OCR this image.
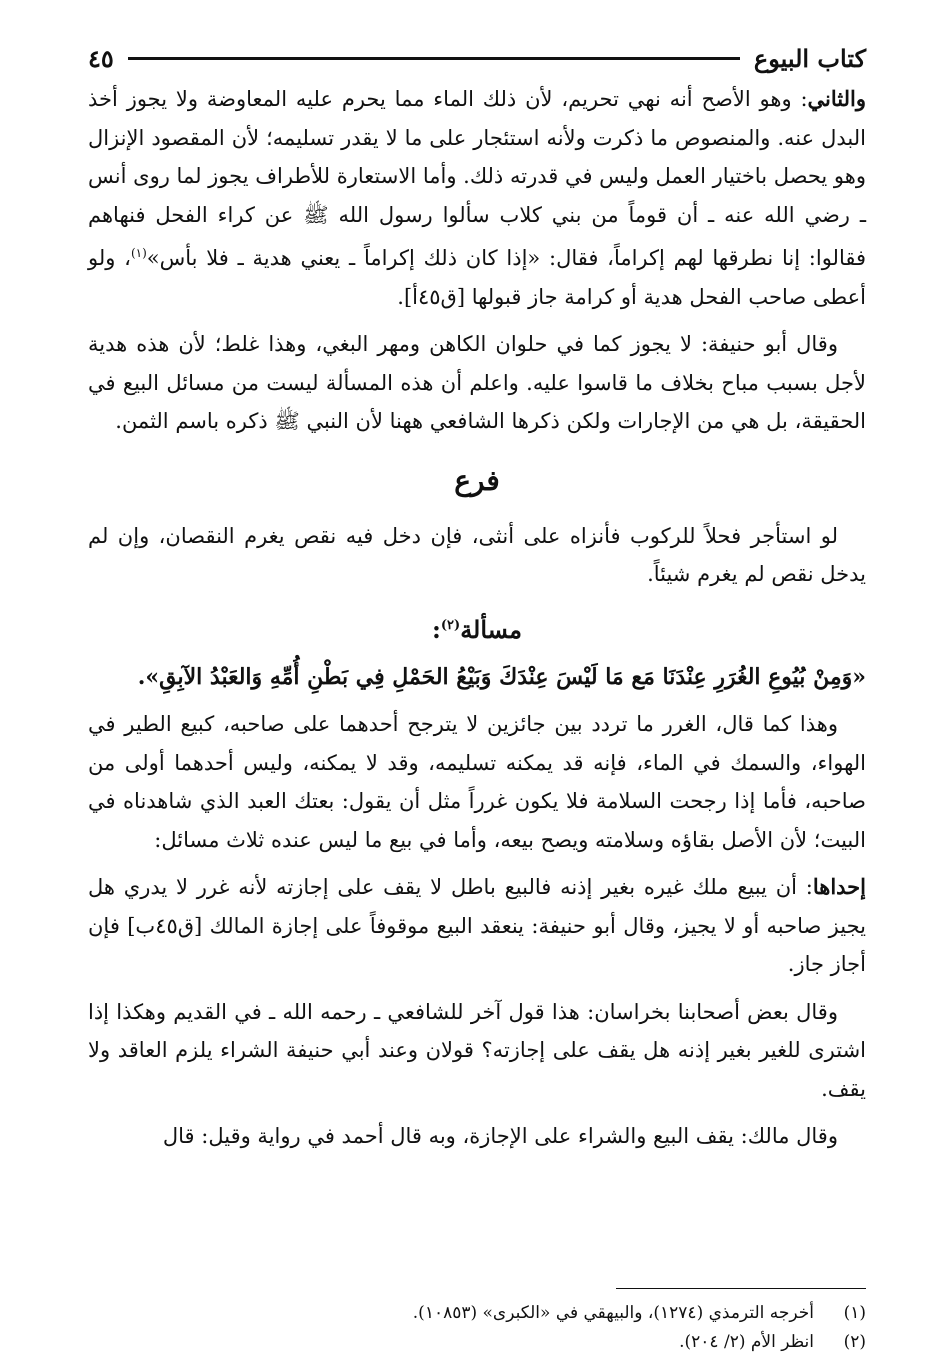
كتاب البيوع
٤٥

والثاني: وهو الأصح أنه نهي تحريم، لأن ذلك الماء مما يحرم عليه المعاوضة ولا يجوز أخذ البدل عنه. والمنصوص ما ذكرت ولأنه استئجار على ما لا يقدر تسليمه؛ لأن المقصود الإنزال وهو يحصل باختيار العمل وليس في قدرته ذلك. وأما الاستعارة للأطراف يجوز لما روى أنس ـ رضي الله عنه ـ أن قوماً من بني كلاب سألوا رسول الله ﷺ عن كراء الفحل فنهاهم فقالوا: إنا نطرقها لهم إكراماً، فقال: «إذا كان ذلك إكراماً ـ يعني هدية ـ فلا بأس»$^{(١)}$، ولو أعطى صاحب الفحل هدية أو كرامة جاز قبولها [ق٤٥أ].

وقال أبو حنيفة: لا يجوز كما في حلوان الكاهن ومهر البغي، وهذا غلط؛ لأن هذه هدية لأجل بسبب مباح بخلاف ما قاسوا عليه. واعلم أن هذه المسألة ليست من مسائل البيع في الحقيقة، بل هي من الإجارات ولكن ذكرها الشافعي ههنا لأن النبي ﷺ ذكره باسم الثمن.

فرع

لو استأجر فحلاً للركوب فأنزاه على أنثى، فإن دخل فيه نقص يغرم النقصان، وإن لم يدخل نقص لم يغرم شيئاً.

مسألة$^{(٢)}$:

«وَمِنْ بُيُوعِ الغُرَرِ عِنْدَنَا مَع مَا لَيْسَ عِنْدَكَ وَبَيْعُ الحَمْلِ فِي بَطْنِ أُمِّهِ وَالعَبْدُ الآبِقِ».

وهذا كما قال، الغرر ما تردد بين جائزين لا يترجح أحدهما على صاحبه، كبيع الطير في الهواء، والسمك في الماء، فإنه قد يمكنه تسليمه، وقد لا يمكنه، وليس أحدهما أولى من صاحبه، فأما إذا رجحت السلامة فلا يكون غرراً مثل أن يقول: بعتك العبد الذي شاهدناه في البيت؛ لأن الأصل بقاؤه وسلامته ويصح بيعه، وأما في بيع ما ليس عنده ثلاث مسائل:

إحداها: أن يبيع ملك غيره بغير إذنه فالبيع باطل لا يقف على إجازته لأنه غرر لا يدري هل يجيز صاحبه أو لا يجيز، وقال أبو حنيفة: ينعقد البيع موقوفاً على إجازة المالك [ق٤٥ب] فإن أجاز جاز.

وقال بعض أصحابنا بخراسان: هذا قول آخر للشافعي ـ رحمه الله ـ في القديم وهكذا إذا اشترى للغير بغير إذنه هل يقف على إجازته؟ قولان وعند أبي حنيفة الشراء يلزم العاقد ولا يقف.

وقال مالك: يقف البيع والشراء على الإجازة، وبه قال أحمد في رواية وقيل: قال

(١)
أخرجه الترمذي (١٢٧٤)، والبيهقي في «الكبرى» (١٠٨٥٣).
(٢)
انظر الأم (٢/ ٢٠٤).
